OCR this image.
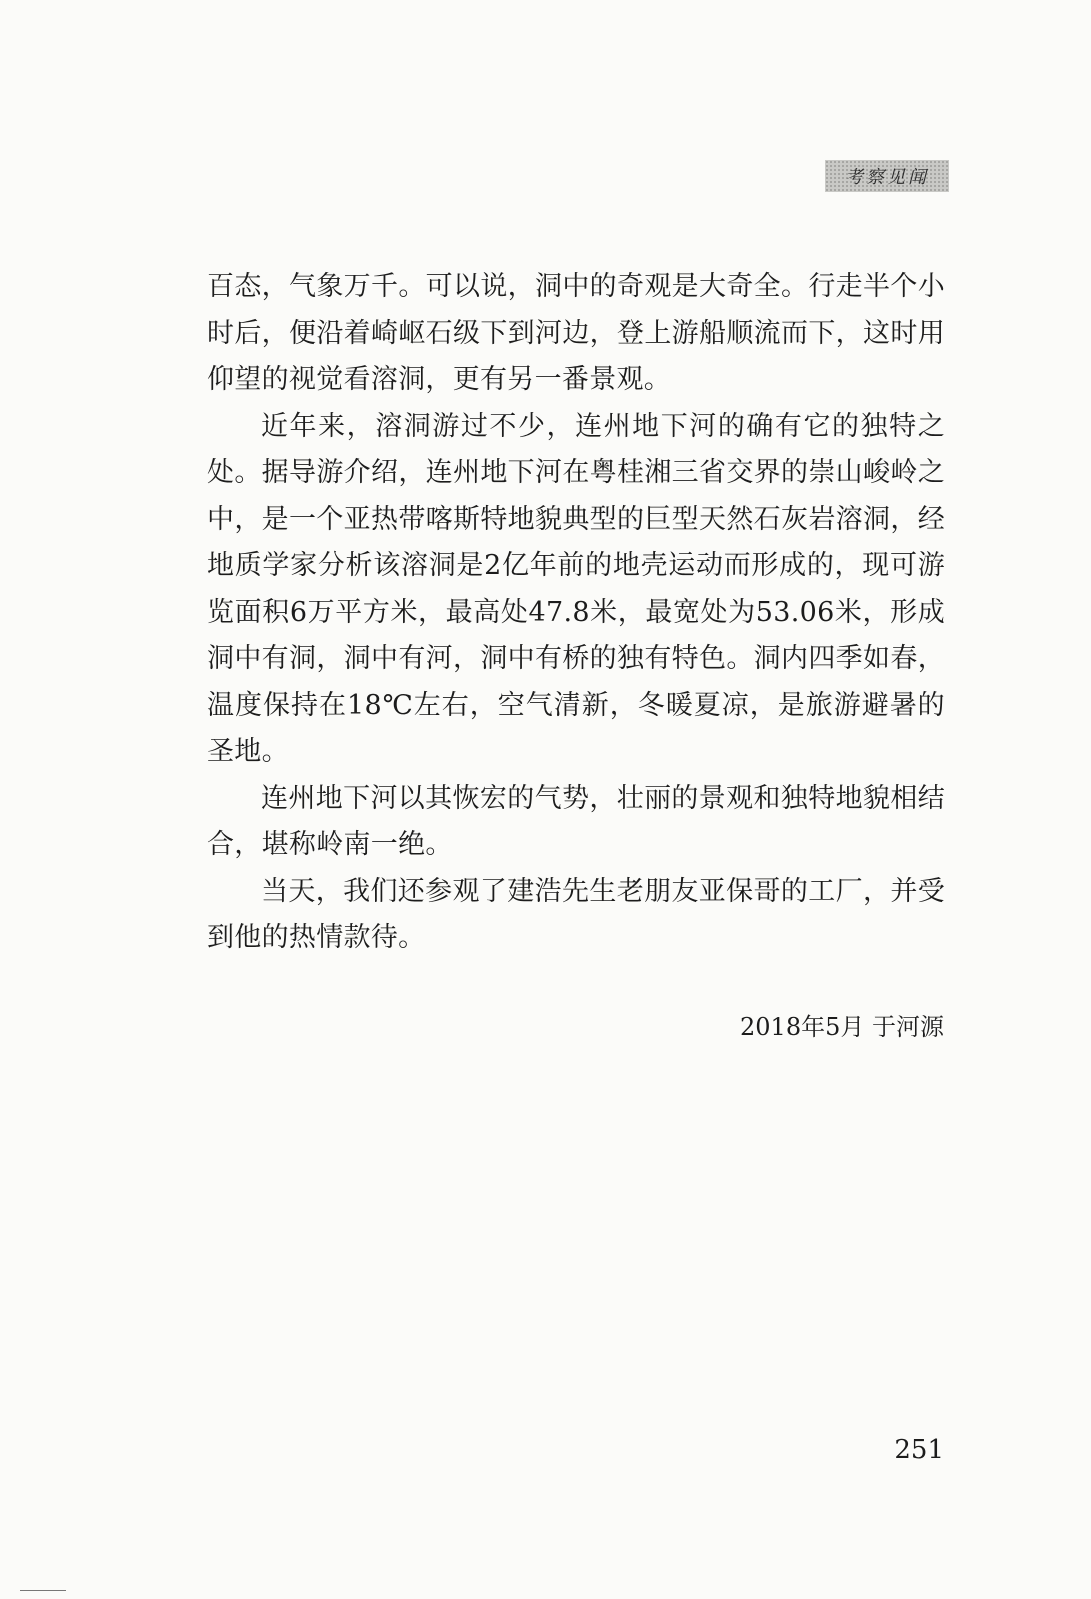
考察见闻

百态，气象万千。可以说，洞中的奇观是大奇全。行走半个小时后，便沿着崎岖石级下到河边，登上游船顺流而下，这时用仰望的视觉看溶洞，更有另一番景观。

近年来，溶洞游过不少，连州地下河的确有它的独特之处。据导游介绍，连州地下河在粤桂湘三省交界的崇山峻岭之中，是一个亚热带喀斯特地貌典型的巨型天然石灰岩溶洞，经地质学家分析该溶洞是2亿年前的地壳运动而形成的，现可游览面积6万平方米，最高处47.8米，最宽处为53.06米，形成洞中有洞，洞中有河，洞中有桥的独有特色。洞内四季如春，温度保持在18℃左右，空气清新，冬暖夏凉，是旅游避暑的圣地。

连州地下河以其恢宏的气势，壮丽的景观和独特地貌相结合，堪称岭南一绝。

当天，我们还参观了建浩先生老朋友亚保哥的工厂，并受到他的热情款待。

2018年5月 于河源
251
